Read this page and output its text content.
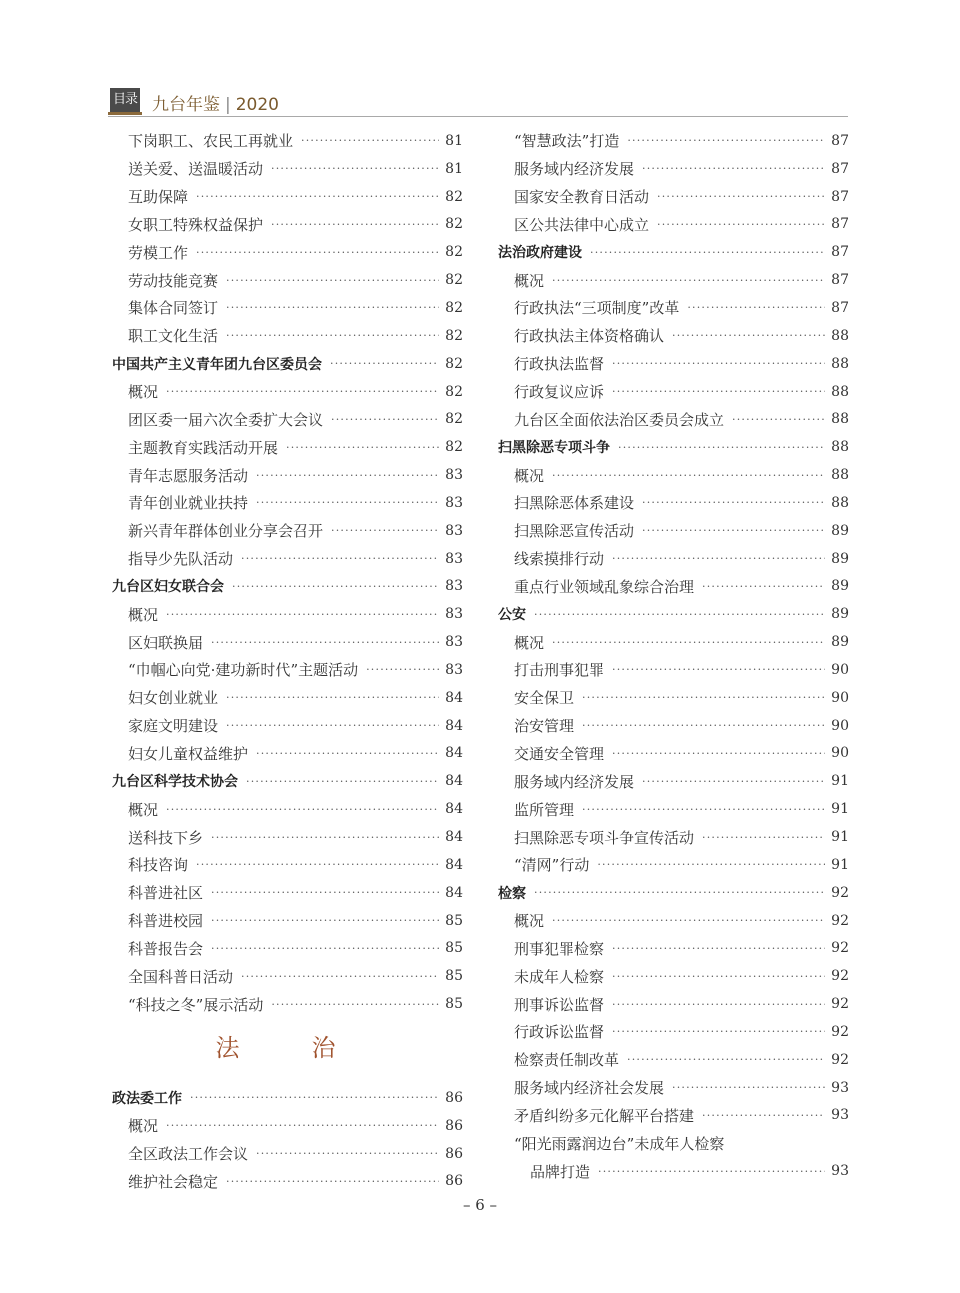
目录 九台年鉴 | 2020
下岗职工、农民工再就业 ·····	81
送关爱、送温暖活动 ·····	81
互助保障 ·····	82
女职工特殊权益保护 ·····	82
劳模工作 ·····	82
劳动技能竞赛 ·····	82
集体合同签订 ·····	82
职工文化生活 ·····	82
中国共产主义青年团九台区委员会 ·····	82
概况 ·····	82
团区委一届六次全委扩大会议 ·····	82
主题教育实践活动开展 ·····	82
青年志愿服务活动 ·····	83
青年创业就业扶持 ·····	83
新兴青年群体创业分享会召开 ·····	83
指导少先队活动 ·····	83
九台区妇女联合会 ·····	83
概况 ·····	83
区妇联换届 ·····	83
“巾帼心向党·建功新时代”主题活动 ·····	83
妇女创业就业 ·····	84
家庭文明建设 ·····	84
妇女儿童权益维护 ·····	84
九台区科学技术协会 ·····	84
概况 ·····	84
送科技下乡 ·····	84
科技咨询 ·····	84
科普进社区 ·····	84
科普进校园 ·····	85
科普报告会 ·····	85
全国科普日活动 ·····	85
“科技之冬”展示活动 ·····	85
法　治
政法委工作 ·····	86
概况 ·····	86
全区政法工作会议 ·····	86
维护社会稳定 ·····	86
“智慧政法”打造 ·····	87
服务域内经济发展 ·····	87
国家安全教育日活动 ·····	87
区公共法律中心成立 ·····	87
法治政府建设 ·····	87
概况 ·····	87
行政执法“三项制度”改革 ·····	87
行政执法主体资格确认 ·····	88
行政执法监督 ·····	88
行政复议应诉 ·····	88
九台区全面依法治区委员会成立 ·····	88
扫黑除恶专项斗争 ·····	88
概况 ·····	88
扫黑除恶体系建设 ·····	88
扫黑除恶宣传活动 ·····	89
线索摸排行动 ·····	89
重点行业领域乱象综合治理 ·····	89
公安 ·····	89
概况 ·····	89
打击刑事犯罪 ·····	90
安全保卫 ·····	90
治安管理 ·····	90
交通安全管理 ·····	90
服务域内经济发展 ·····	91
监所管理 ·····	91
扫黑除恶专项斗争宣传活动 ·····	91
“清网”行动 ·····	91
检察 ·····	92
概况 ·····	92
刑事犯罪检察 ·····	92
未成年人检察 ·····	92
刑事诉讼监督 ·····	92
行政诉讼监督 ·····	92
检察责任制改革 ·····	92
服务域内经济社会发展 ·····	93
矛盾纠纷多元化解平台搭建 ·····	93
“阳光雨露润边台”未成年人检察
品牌打造 ·····	93
– 6 –
